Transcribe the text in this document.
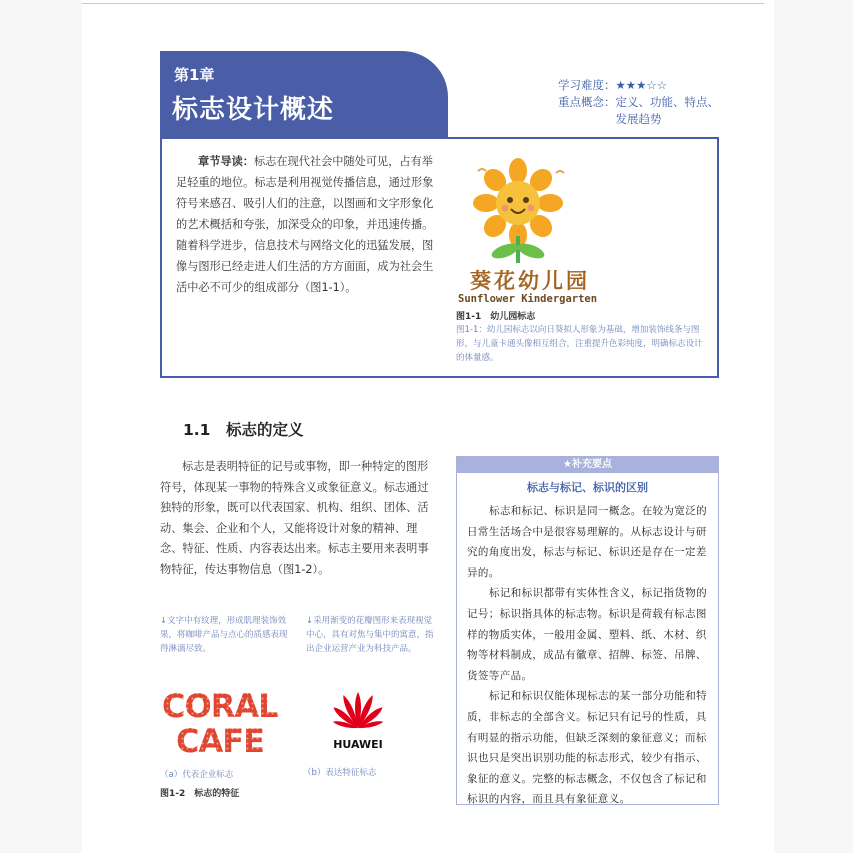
第1章
标志设计概述
学习难度： ★★★☆☆
重点概念： 定义、功能、特点、
发展趋势
章节导读：标志在现代社会中随处可见，占有举足轻重的地位。标志是利用视觉传播信息，通过形象符号来感召、吸引人们的注意，以图画和文字形象化的艺术概括和夸张，加深受众的印象，并迅速传播。随着科学进步，信息技术与网络文化的迅猛发展，图像与图形已经走进人们生活的方方面面，成为社会生活中必不可少的组成部分（图1-1）。	葵花幼儿园
Sunflower Kindergarten
图1-1　幼儿园标志
图1-1：幼儿园标志以向日葵拟人形象为基础，增加装饰线条与图形，与儿童卡通头像相互组合，注重提升色彩纯度，明确标志设计的体量感。
1.1　标志的定义
标志是表明特征的记号或事物，即一种特定的图形符号，体现某一事物的特殊含义或象征意义。标志通过独特的形象，既可以代表国家、机构、组织、团体、活动、集会、企业和个人，又能将设计对象的精神、理念、特征、性质、内容表达出来。标志主要用来表明事物特征，传达事物信息（图1-2）。
↓文字中有纹理，形成肌理装饰效果，将咖啡产品与点心的质感表现得淋漓尽致。
↓采用渐变的花瓣图形来表现视觉中心，具有对焦与集中的寓意，指出企业运营产业为科技产品。
CORAL
CAFE	HUAWEI
（a）代表企业标志	（b）表达特征标志
图1-2　标志的特征
★补充要点
标志与标记、标识的区别

标志和标记、标识是同一概念。在较为宽泛的日常生活场合中是很容易理解的。从标志设计与研究的角度出发，标志与标记、标识还是存在一定差异的。

标记和标识都带有实体性含义，标记指货物的记号；标识指具体的标志物。标识是荷载有标志图样的物质实体，一般用金属、塑料、纸、木材、织物等材料制成，成品有徽章、招牌、标签、吊牌、货签等产品。

标记和标识仅能体现标志的某一部分功能和特质，非标志的全部含义。标记只有记号的性质，具有明显的指示功能，但缺乏深刻的象征意义；而标识也只是突出识别功能的标志形式，较少有指示、象征的意义。完整的标志概念，不仅包含了标记和标识的内容，而且具有象征意义。
